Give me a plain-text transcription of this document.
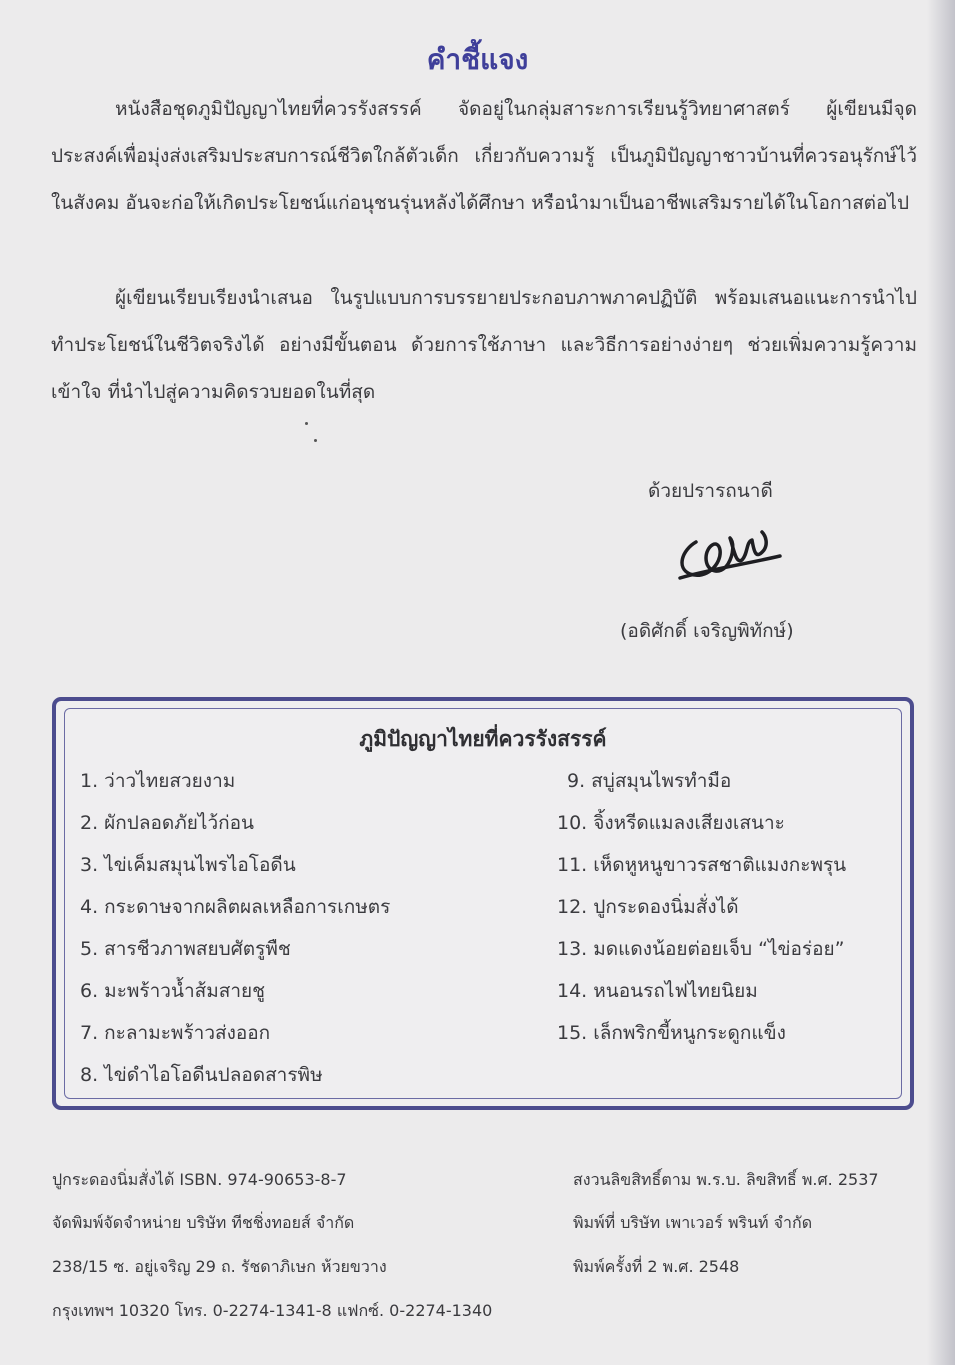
คำชี้แจง

หนังสือชุดภูมิปัญญาไทยที่ควรรังสรรค์ จัดอยู่ในกลุ่มสาระการเรียนรู้วิทยาศาสตร์ ผู้เขียนมีจุดประสงค์เพื่อมุ่งส่งเสริมประสบการณ์ชีวิตใกล้ตัวเด็ก เกี่ยวกับความรู้ เป็นภูมิปัญญาชาวบ้านที่ควรอนุรักษ์ไว้ในสังคม อันจะก่อให้เกิดประโยชน์แก่อนุชนรุ่นหลังได้ศึกษา หรือนำมาเป็นอาชีพเสริมรายได้ในโอกาสต่อไป

ผู้เขียนเรียบเรียงนำเสนอ ในรูปแบบการบรรยายประกอบภาพภาคปฏิบัติ พร้อมเสนอแนะการนำไปทำประโยชน์ในชีวิตจริงได้ อย่างมีขั้นตอน ด้วยการใช้ภาษา และวิธีการอย่างง่ายๆ ช่วยเพิ่มความรู้ความเข้าใจ ที่นำไปสู่ความคิดรวบยอดในที่สุด

ด้วยปรารถนาดี
(อดิศักดิ์ เจริญพิทักษ์)
ภูมิปัญญาไทยที่ควรรังสรรค์
1. ว่าวไทยสวยงาม
2. ผักปลอดภัยไว้ก่อน
3. ไข่เค็มสมุนไพรไอโอดีน
4. กระดาษจากผลิตผลเหลือการเกษตร
5. สารชีวภาพสยบศัตรูพืช
6. มะพร้าวน้ำส้มสายชู
7. กะลามะพร้าวส่งออก
8. ไข่ดำไอโอดีนปลอดสารพิษ
9. สบู่สมุนไพรทำมือ
10. จิ้งหรีดแมลงเสียงเสนาะ
11. เห็ดหูหนูขาวรสชาติแมงกะพรุน
12. ปูกระดองนิ่มสั่งได้
13. มดแดงน้อยต่อยเจ็บ “ไข่อร่อย”
14. หนอนรถไฟไทยนิยม
15. เล็กพริกขี้หนูกระดูกแข็ง
ปูกระดองนิ่มสั่งได้ ISBN. 974-90653-8-7
จัดพิมพ์จัดจำหน่าย บริษัท ทีชชิ่งทอยส์ จำกัด
238/15 ซ. อยู่เจริญ 29 ถ. รัชดาภิเษก ห้วยขวาง
กรุงเทพฯ 10320 โทร. 0-2274-1341-8 แฟกซ์. 0-2274-1340
สงวนลิขสิทธิ์ตาม พ.ร.บ. ลิขสิทธิ์ พ.ศ. 2537
พิมพ์ที่ บริษัท เพาเวอร์ พรินท์ จำกัด
พิมพ์ครั้งที่ 2 พ.ศ. 2548
